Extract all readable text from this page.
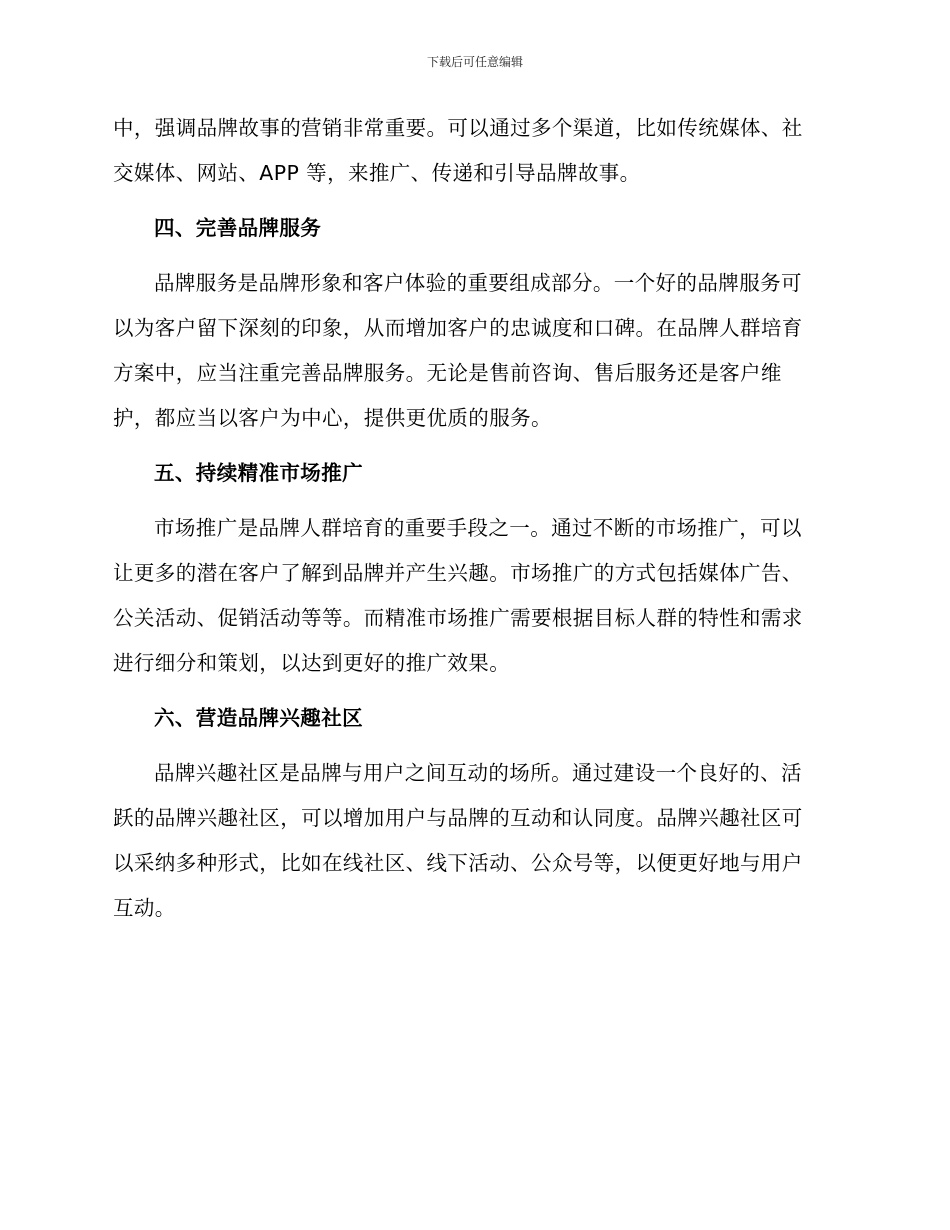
下载后可任意编辑

中，强调品牌故事的营销非常重要。可以通过多个渠道，比如传统媒体、社
交媒体、网站、APP 等，来推广、传递和引导品牌故事。

四、完善品牌服务

品牌服务是品牌形象和客户体验的重要组成部分。一个好的品牌服务可
以为客户留下深刻的印象，从而增加客户的忠诚度和口碑。在品牌人群培育
方案中，应当注重完善品牌服务。无论是售前咨询、售后服务还是客户维
护，都应当以客户为中心，提供更优质的服务。

五、持续精准市场推广

市场推广是品牌人群培育的重要手段之一。通过不断的市场推广，可以
让更多的潜在客户了解到品牌并产生兴趣。市场推广的方式包括媒体广告、
公关活动、促销活动等等。而精准市场推广需要根据目标人群的特性和需求
进行细分和策划，以达到更好的推广效果。

六、营造品牌兴趣社区

品牌兴趣社区是品牌与用户之间互动的场所。通过建设一个良好的、活
跃的品牌兴趣社区，可以增加用户与品牌的互动和认同度。品牌兴趣社区可
以采纳多种形式，比如在线社区、线下活动、公众号等，以便更好地与用户
互动。
